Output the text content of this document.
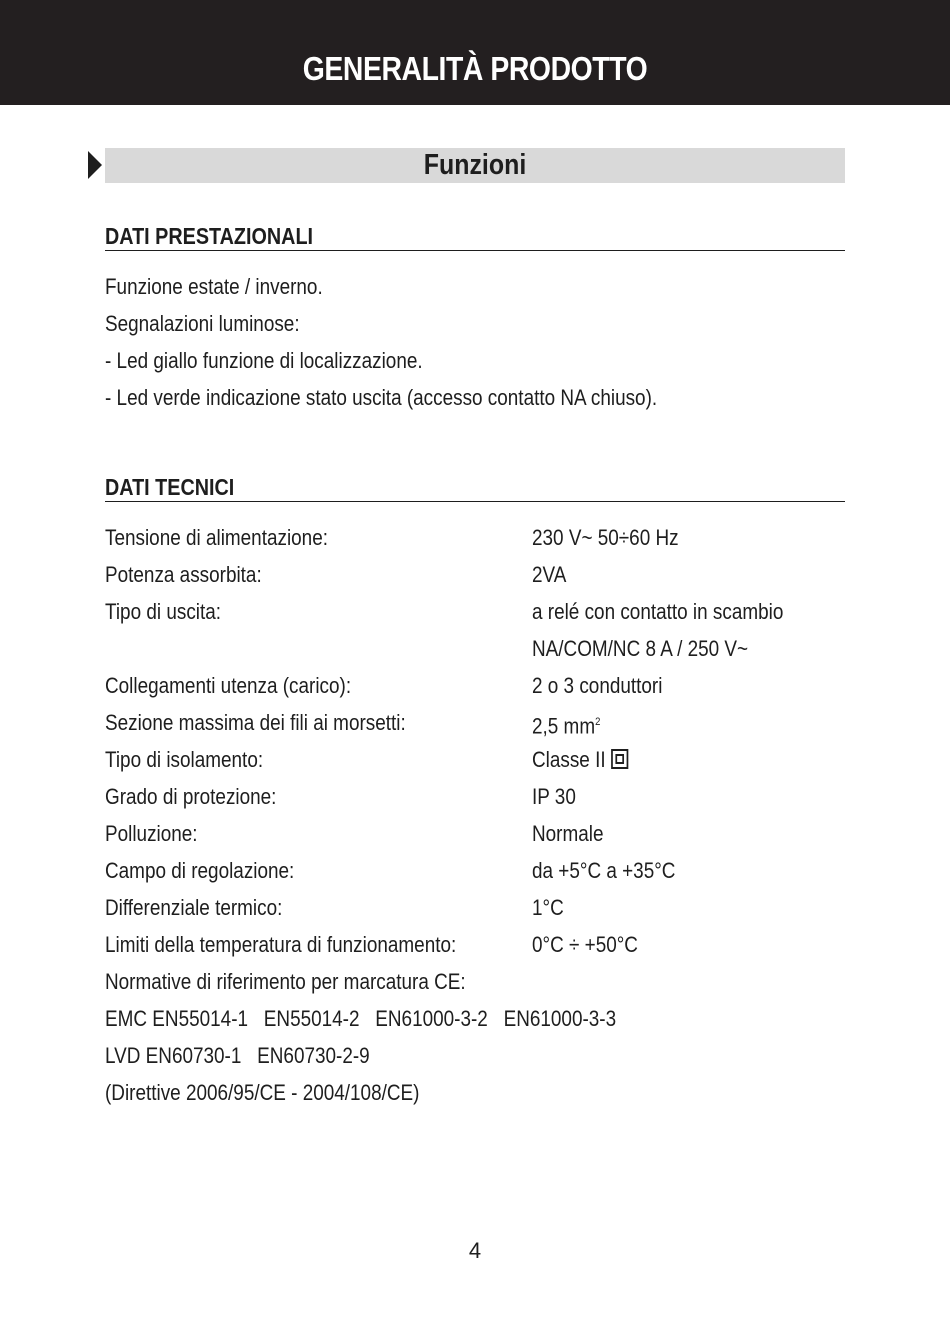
GENERALITÀ PRODOTTO
Funzioni
DATI PRESTAZIONALI
Funzione estate / inverno.
Segnalazioni luminose:
- Led giallo funzione di localizzazione.
- Led verde indicazione stato uscita (accesso contatto NA chiuso).
DATI TECNICI
Tensione di alimentazione:	230 V~ 50÷60 Hz
Potenza assorbita:	2VA
Tipo di uscita:	a relé con contatto in scambio
NA/COM/NC 8 A / 250 V~
Collegamenti utenza (carico):	2 o 3 conduttori
Sezione massima dei fili ai morsetti:	2,5 $mm^2$
Tipo di isolamento:	Classe II
Grado di protezione:	IP 30
Polluzione:	Normale
Campo di regolazione:	da +5°C a +35°C
Differenziale termico:	1°C
Limiti della temperatura di funzionamento:	0°C ÷ +50°C
Normative di riferimento per marcatura CE:
EMC EN55014-1   EN55014-2   EN61000-3-2   EN61000-3-3
LVD EN60730-1   EN60730-2-9
(Direttive 2006/95/CE - 2004/108/CE)
4
